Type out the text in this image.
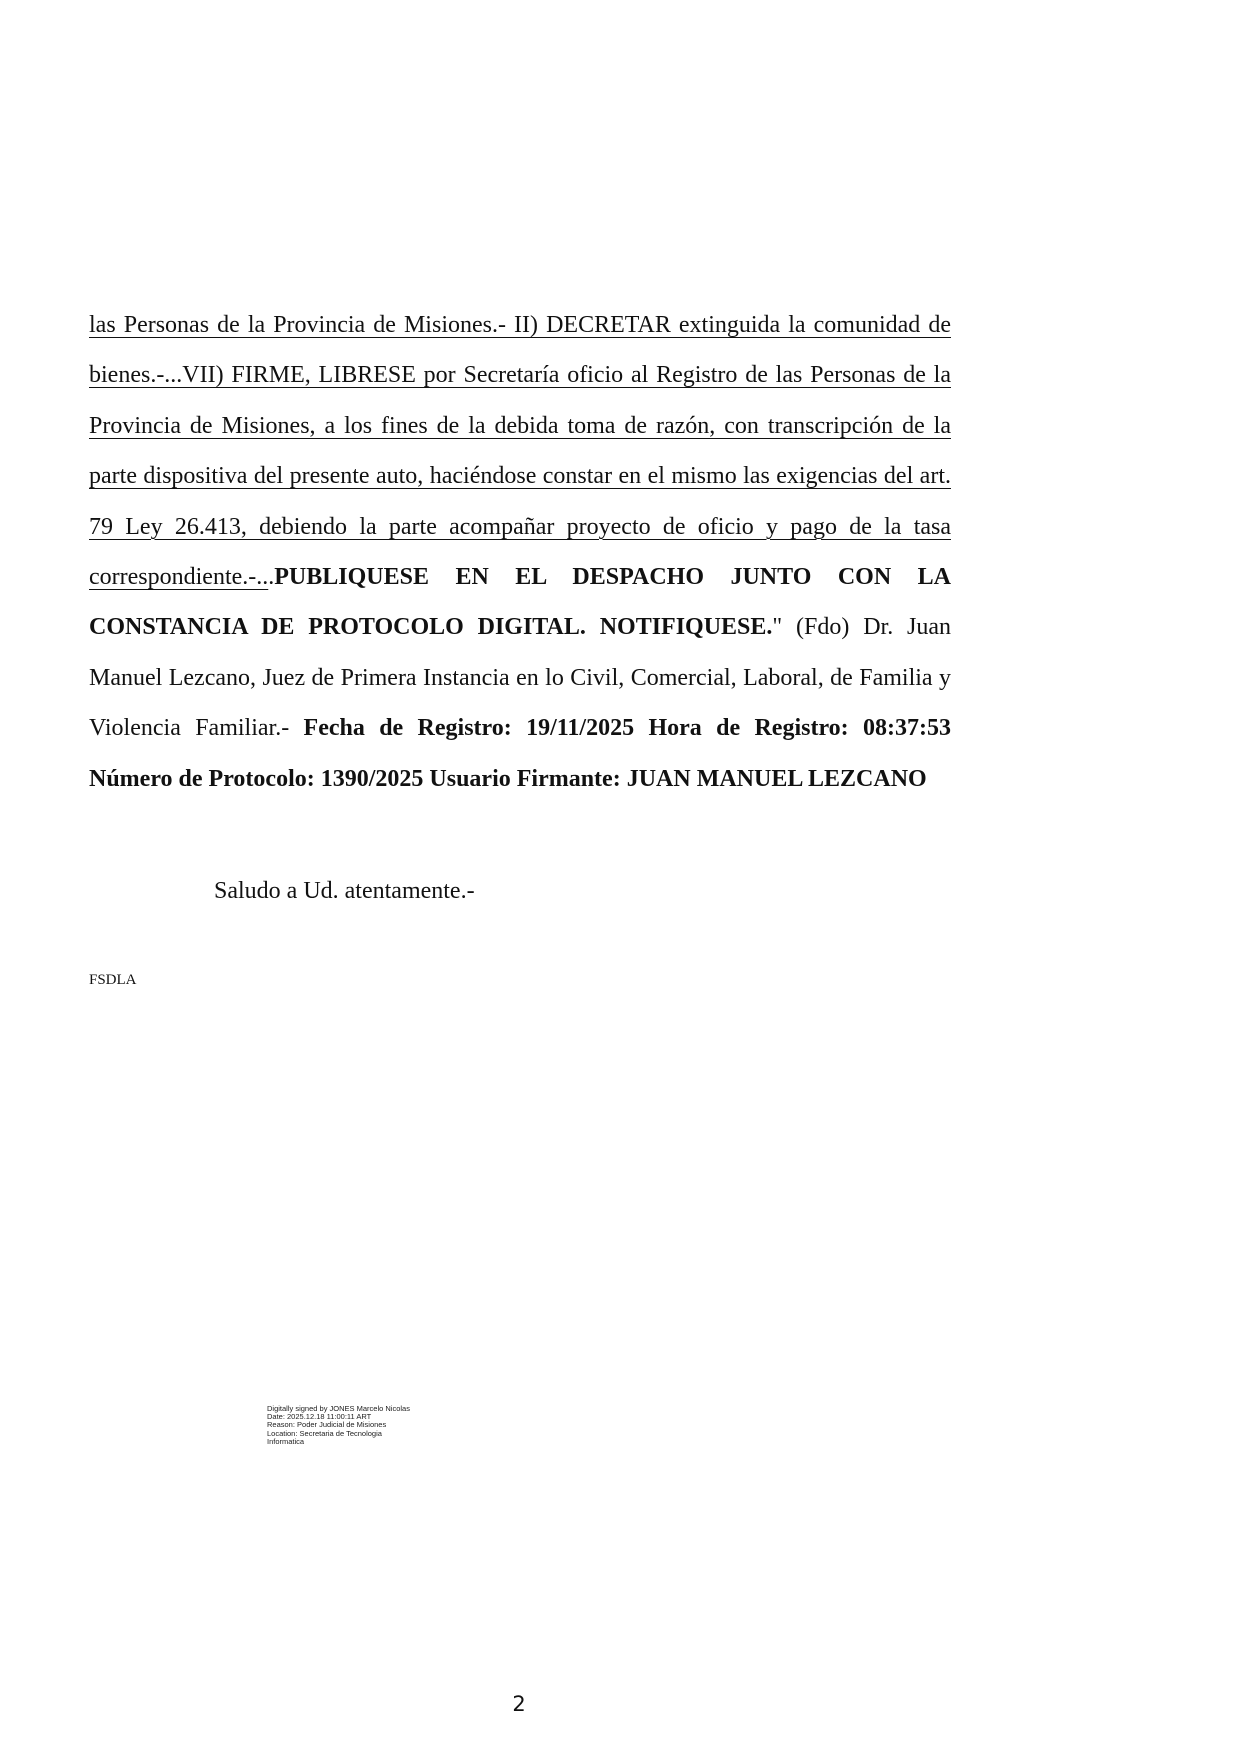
las Personas de la Provincia de Misiones.- II) DECRETAR extinguida la comunidad de bienes.-...VII) FIRME, LIBRESE por Secretaría oficio al Registro de las Personas de la Provincia de Misiones, a los fines de la debida toma de razón, con transcripción de la parte dispositiva del presente auto, haciéndose constar en el mismo las exigencias del art. 79 Ley 26.413, debiendo la parte acompañar proyecto de oficio y pago de la tasa correspondiente.-...PUBLIQUESE EN EL DESPACHO JUNTO CON LA CONSTANCIA DE PROTOCOLO DIGITAL. NOTIFIQUESE." (Fdo) Dr. Juan Manuel Lezcano, Juez de Primera Instancia en lo Civil, Comercial, Laboral, de Familia y Violencia Familiar.- Fecha de Registro: 19/11/2025 Hora de Registro: 08:37:53 Número de Protocolo: 1390/2025 Usuario Firmante: JUAN MANUEL LEZCANO

Saludo a Ud. atentamente.-

FSDLA

Digitally signed by JONES Marcelo Nicolas
Date: 2025.12.18 11:00:11 ART
Reason: Poder Judicial de Misiones
Location: Secretaria de Tecnologia
Informatica

2
